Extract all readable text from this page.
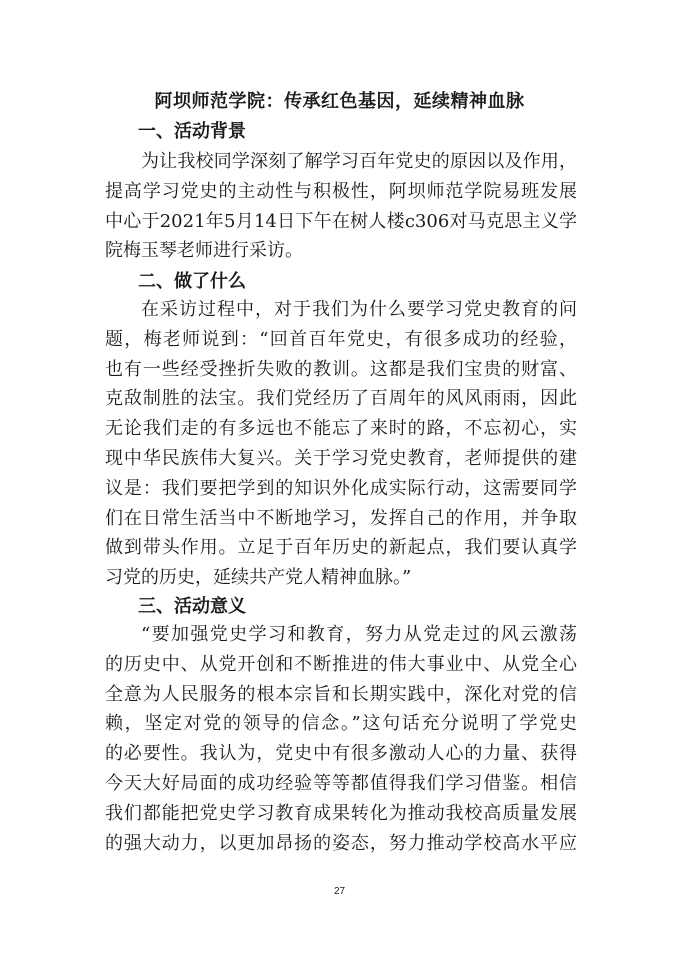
阿坝师范学院：传承红色基因，延续精神血脉
一、活动背景
为让我校同学深刻了解学习百年党史的原因以及作用，
提高学习党史的主动性与积极性，阿坝师范学院易班发展
中心于2021年5月14日下午在树人楼c306对马克思主义学
院梅玉琴老师进行采访。
二、做了什么
在采访过程中，对于我们为什么要学习党史教育的问
题，梅老师说到：“回首百年党史，有很多成功的经验，
也有一些经受挫折失败的教训。这都是我们宝贵的财富、
克敌制胜的法宝。我们党经历了百周年的风风雨雨，因此
无论我们走的有多远也不能忘了来时的路，不忘初心，实
现中华民族伟大复兴。关于学习党史教育，老师提供的建
议是：我们要把学到的知识外化成实际行动，这需要同学
们在日常生活当中不断地学习，发挥自己的作用，并争取
做到带头作用。立足于百年历史的新起点，我们要认真学
习党的历史，延续共产党人精神血脉。”
三、活动意义
“要加强党史学习和教育，努力从党走过的风云激荡
的历史中、从党开创和不断推进的伟大事业中、从党全心
全意为人民服务的根本宗旨和长期实践中，深化对党的信
赖，坚定对党的领导的信念。”这句话充分说明了学党史
的必要性。我认为，党史中有很多激动人心的力量、获得
今天大好局面的成功经验等等都值得我们学习借鉴。相信
我们都能把党史学习教育成果转化为推动我校高质量发展
的强大动力，以更加昂扬的姿态，努力推动学校高水平应
27
